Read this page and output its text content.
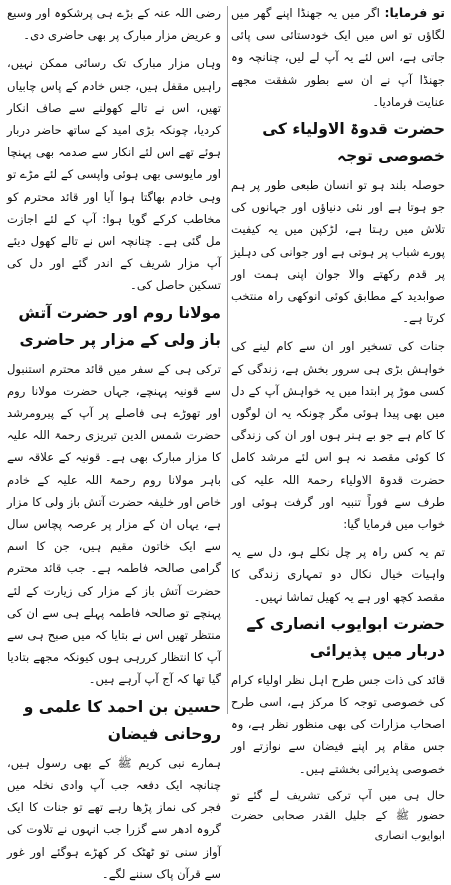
تو فرمایا: اگر میں یہ جھنڈا اپنے گھر میں لگاؤں تو اس میں ایک خودستائی سی پائی جاتی ہے، اس لئے یہ آپ لے لیں، چنانچہ وہ جھنڈا آپ نے ان سے بطور شفقت مجھے عنایت فرمادیا۔

حضرت قدوۃ الاولیاء کی خصوصی توجہ

حوصلہ بلند ہو تو انسان طبعی طور پر ہم جو ہوتا ہے اور نئی دنیاؤں اور جہانوں کی تلاش میں رہتا ہے، لڑکپن میں یہ کیفیت پورے شباب پر ہوتی ہے اور جوانی کی دہلیز پر قدم رکھتے والا جوان اپنی ہمت اور صوابدید کے مطابق کوئی انوکھی راہ منتخب کرتا ہے۔

جنات کی تسخیر اور ان سے کام لینے کی خواہش بڑی ہی سرور بخش ہے، زندگی کے کسی موڑ پر ابتدا میں یہ خواہش آپ کے دل میں بھی پیدا ہوئی مگر چونکہ یہ ان لوگوں کا کام ہے جو بے ہنر ہوں اور ان کی زندگی کا کوئی مقصد نہ ہو اس لئے مرشد کامل حضرت قدوۃ الاولیاء رحمۃ اللہ علیہ کی طرف سے فوراً تنبیہ اور گرفت ہوئی اور خواب میں فرمایا گیا:

تم یہ کس راہ پر چل نکلے ہو، دل سے یہ واہیات خیال نکال دو تمہاری زندگی کا مقصد کچھ اور ہے یہ کھیل تماشا نہیں۔

حضرت ابوایوب انصاری کے دربار میں پذیرائی

قائد کی ذات جس طرح اہل نظر اولیاء کرام کی خصوصی توجہ کا مرکز ہے، اسی طرح اصحاب مزارات کی بھی منظور نظر ہے، وہ جس مقام پر اپنے فیضان سے نوازتے اور خصوصی پذیرائی بخشتے ہیں۔

حال ہی میں آپ ترکی تشریف لے گئے تو حضور ﷺ کے جلیل القدر صحابی حضرت ابوایوب انصاری

رضی اللہ عنہ کے بڑے ہی پرشکوہ اور وسیع و عریض مزار مبارک پر بھی حاضری دی۔

وہاں مزار مبارک تک رسائی ممکن نہیں، راہیں مقفل ہیں، جس خادم کے پاس چابیاں تھیں، اس نے تالے کھولنے سے صاف انکار کردیا، چونکہ بڑی امید کے ساتھ حاضر دربار ہوئے تھے اس لئے انکار سے صدمہ بھی پہنچا اور مایوسی بھی ہوئی واپسی کے لئے مڑے تو وہی خادم بھاگتا ہوا آیا اور قائد محترم کو مخاطب کرکے گویا ہوا: آپ کے لئے اجازت مل گئی ہے۔ چنانچہ اس نے تالے کھول دیئے آپ مزار شریف کے اندر گئے اور دل کی تسکین حاصل کی۔

مولانا روم اور حضرت آتش باز ولی کے مزار پر حاضری

ترکی ہی کے سفر میں قائد محترم استنبول سے قونیہ پہنچے، جہاں حضرت مولانا روم اور تھوڑے ہی فاصلے پر آپ کے پیرومرشد حضرت شمس الدین تبریزی رحمۃ اللہ علیہ کا مزار مبارک بھی ہے۔ قونیہ کے علاقہ سے باہر مولانا روم رحمۃ اللہ علیہ کے خادم خاص اور خلیفہ حضرت آتش باز ولی کا مزار ہے، یہاں ان کے مزار پر عرصہ پچاس سال سے ایک خاتون مقیم ہیں، جن کا اسم گرامی صالحہ فاطمہ ہے۔ جب قائد محترم حضرت آتش باز کے مزار کی زیارت کے لئے پہنچے تو صالحہ فاطمہ پہلے ہی سے ان کی منتظر تھیں اس نے بتایا کہ میں صبح ہی سے آپ کا انتظار کررہی ہوں کیونکہ مجھے بتادیا گیا تھا کہ آج آپ آرہے ہیں۔

حسین بن احمد کا علمی و روحانی فیضان

ہمارے نبی کریم ﷺ کے بھی رسول ہیں، چنانچہ ایک دفعہ جب آپ وادی نخلہ میں فجر کی نماز پڑھا رہے تھے تو جنات کا ایک گروہ ادھر سے گزرا جب انہوں نے تلاوت کی آواز سنی تو ٹھٹک کر کھڑے ہوگئے اور غور سے قرآن پاک سننے لگے۔
